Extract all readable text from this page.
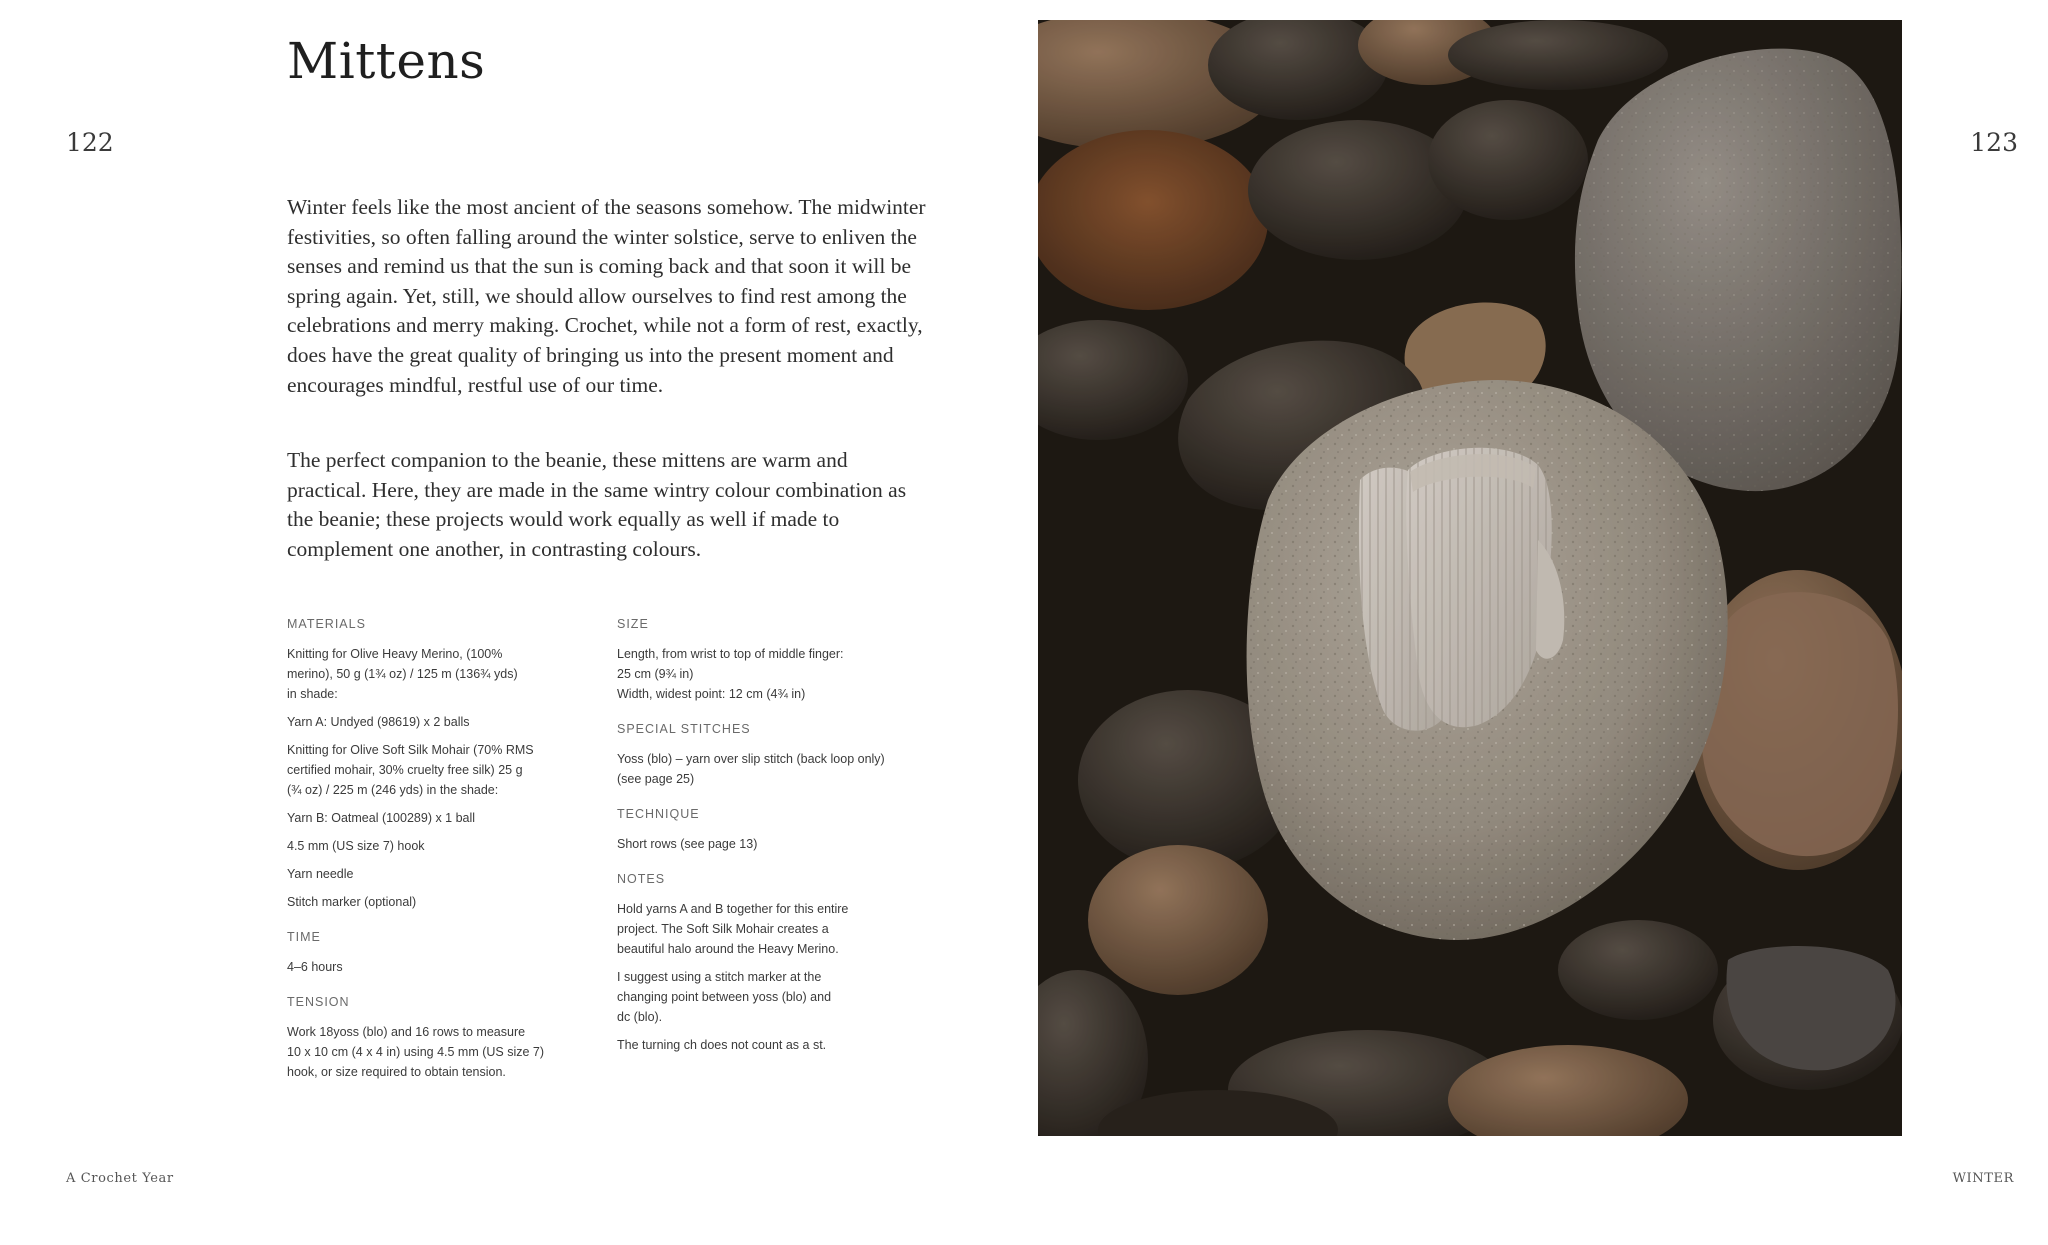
122	123
Mittens

Winter feels like the most ancient of the seasons somehow. The midwinter festivities, so often falling around the winter solstice, serve to enliven the senses and remind us that the sun is coming back and that soon it will be spring again. Yet, still, we should allow ourselves to find rest among the celebrations and merry making. Crochet, while not a form of rest, exactly, does have the great quality of bringing us into the present moment and encourages mindful, restful use of our time.

The perfect companion to the beanie, these mittens are warm and practical. Here, they are made in the same wintry colour combination as the beanie; these projects would work equally as well if made to complement one another, in contrasting colours.

MATERIALS
Knitting for Olive Heavy Merino, (100%
merino), 50 g (1¾ oz) / 125 m (136¾ yds)
in shade:
Yarn A: Undyed (98619) x 2 balls
Knitting for Olive Soft Silk Mohair (70% RMS
certified mohair, 30% cruelty free silk) 25 g
(¾ oz) / 225 m (246 yds) in the shade:
Yarn B: Oatmeal (100289) x 1 ball
4.5 mm (US size 7) hook
Yarn needle
Stitch marker (optional)
TIME
4–6 hours
TENSION
Work 18yoss (blo) and 16 rows to measure
10 x 10 cm (4 x 4 in) using 4.5 mm (US size 7)
hook, or size required to obtain tension.
SIZE
Length, from wrist to top of middle finger:
25 cm (9¾ in)
Width, widest point: 12 cm (4¾ in)
SPECIAL STITCHES
Yoss (blo) – yarn over slip stitch (back loop only)
(see page 25)
TECHNIQUE
Short rows (see page 13)
NOTES
Hold yarns A and B together for this entire
project. The Soft Silk Mohair creates a
beautiful halo around the Heavy Merino.
I suggest using a stitch marker at the
changing point between yoss (blo) and
dc (blo).
The turning ch does not count as a st.
A Crochet Year	WINTER
